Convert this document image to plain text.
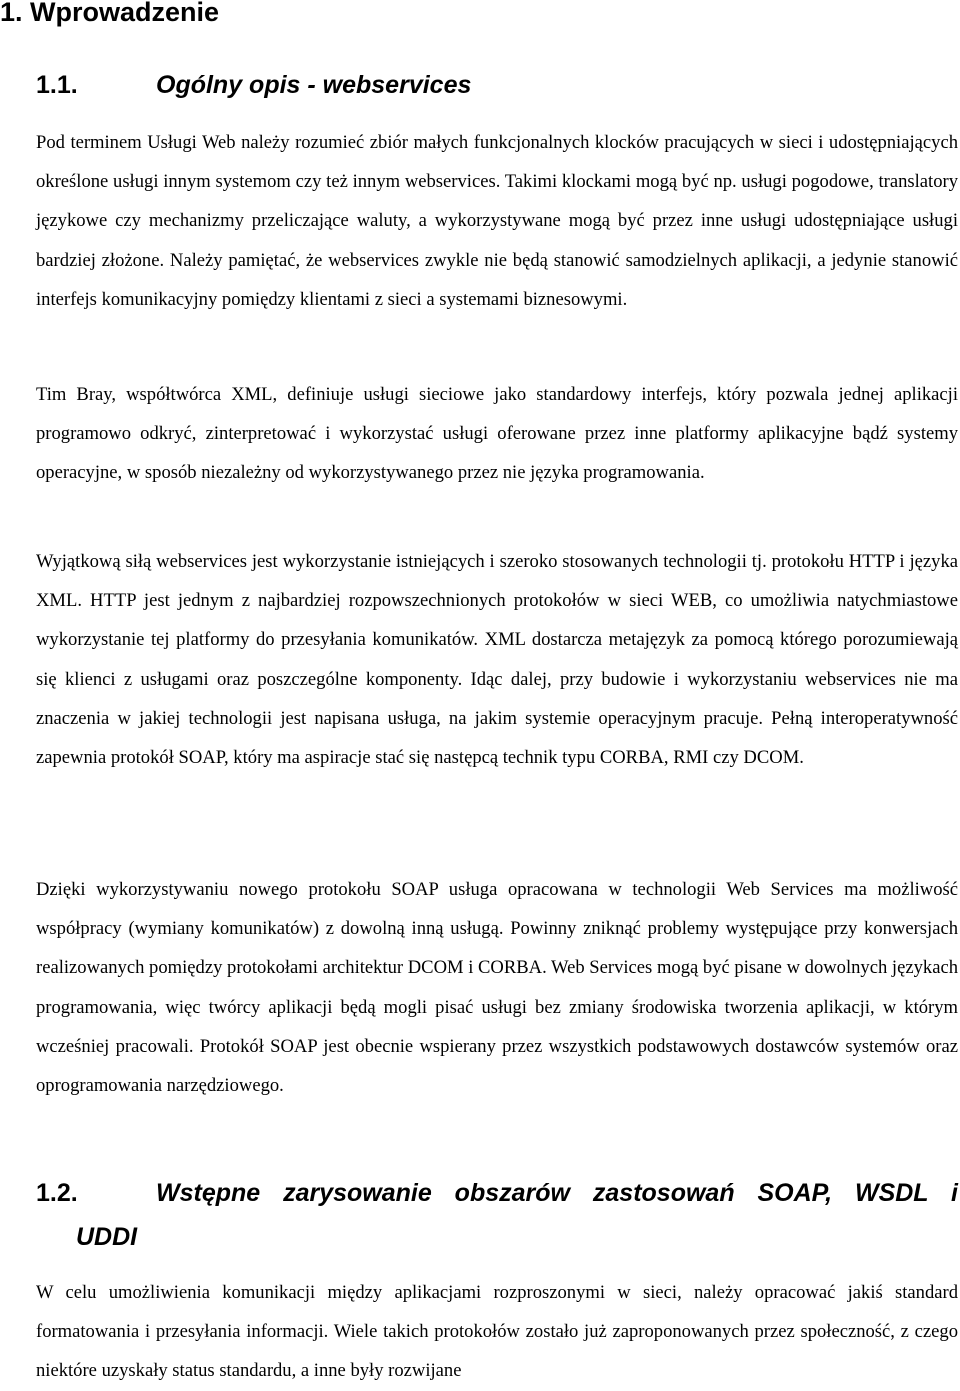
1. Wprowadzenie
1.1.	Ogólny opis - webservices

Pod terminem Usługi Web należy rozumieć zbiór małych funkcjonalnych klocków pracujących w sieci i udostępniających określone usługi innym systemom czy też innym webservices. Takimi klockami mogą być np. usługi pogodowe, translatory językowe czy mechanizmy przeliczające waluty, a wykorzystywane mogą być przez inne usługi udostępniające usługi bardziej złożone. Należy pamiętać, że webservices zwykle nie będą stanowić samodzielnych aplikacji, a jedynie stanowić interfejs komunikacyjny pomiędzy klientami z sieci a systemami biznesowymi.

Tim Bray, współtwórca XML, definiuje usługi sieciowe jako standardowy interfejs, który pozwala jednej aplikacji programowo odkryć, zinterpretować i wykorzystać usługi oferowane przez inne platformy aplikacyjne bądź systemy operacyjne, w sposób niezależny od wykorzystywanego przez nie języka programowania.

Wyjątkową siłą webservices jest wykorzystanie istniejących i szeroko stosowanych technologii tj. protokołu HTTP i języka XML. HTTP jest jednym z najbardziej rozpowszechnionych protokołów w sieci WEB, co umożliwia natychmiastowe wykorzystanie tej platformy do przesyłania komunikatów. XML dostarcza metajęzyk za pomocą którego porozumiewają się klienci z usługami oraz poszczególne komponenty. Idąc dalej, przy budowie i wykorzystaniu webservices nie ma znaczenia w jakiej technologii jest napisana usługa, na jakim systemie operacyjnym pracuje. Pełną interoperatywność zapewnia protokół SOAP, który ma aspiracje stać się następcą technik typu CORBA, RMI czy DCOM.

Dzięki wykorzystywaniu nowego protokołu SOAP usługa opracowana w technologii Web Services ma możliwość współpracy (wymiany komunikatów) z dowolną inną usługą. Powinny zniknąć problemy występujące przy konwersjach realizowanych pomiędzy protokołami architektur DCOM i CORBA. Web Services mogą być pisane w dowolnych językach programowania, więc twórcy aplikacji będą mogli pisać usługi bez zmiany środowiska tworzenia aplikacji, w którym wcześniej pracowali. Protokół SOAP jest obecnie wspierany przez wszystkich podstawowych dostawców systemów oraz oprogramowania narzędziowego.

1.2.	Wstępne zarysowanie obszarów zastosowań SOAP, WSDL i
UDDI

W celu umożliwienia komunikacji między aplikacjami rozproszonymi w sieci, należy opracować jakiś standard formatowania i przesyłania informacji. Wiele takich protokołów zostało już zaproponowanych przez społeczność, z czego niektóre uzyskały status standardu, a inne były rozwijane
